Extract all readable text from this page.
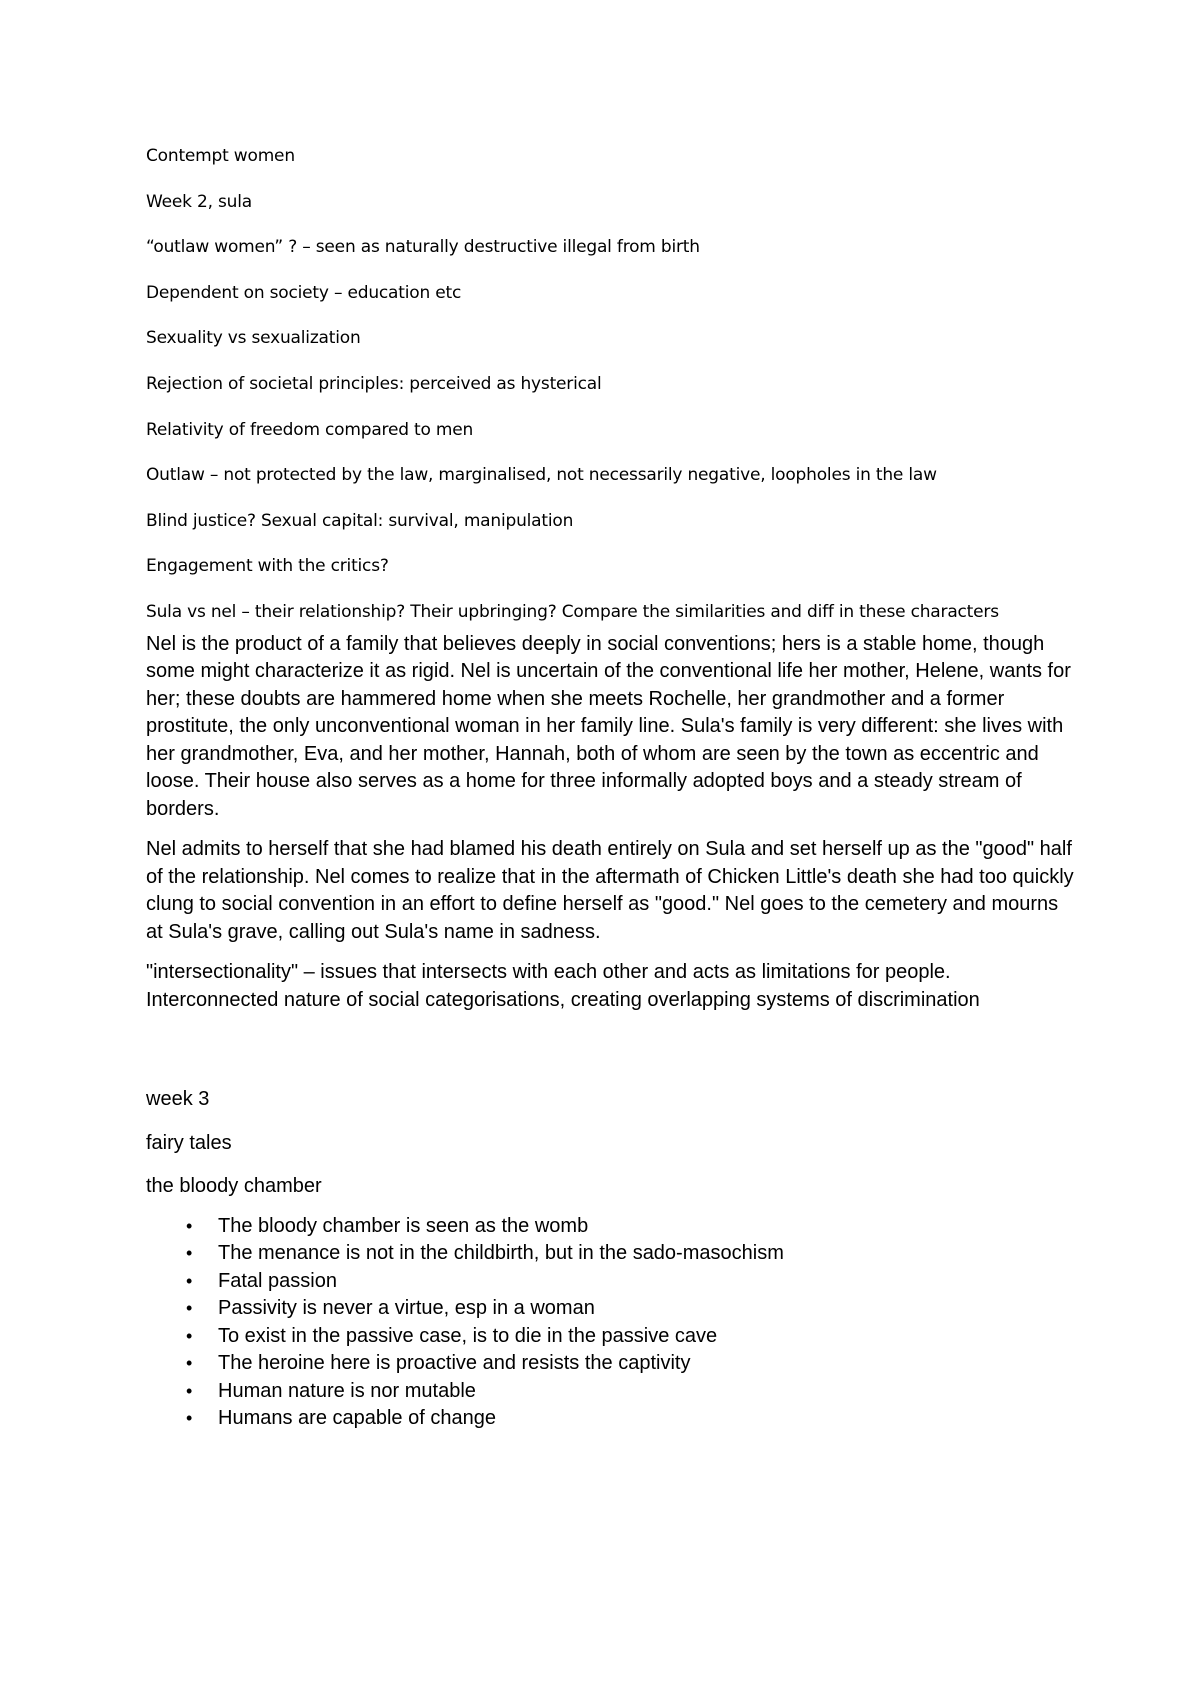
Contempt women

Week 2, sula

“outlaw women” ? – seen as naturally destructive illegal from birth

Dependent on society – education etc

Sexuality vs sexualization

Rejection of societal principles: perceived as hysterical

Relativity of freedom compared to men

Outlaw – not protected by the law, marginalised, not necessarily negative, loopholes in the law

Blind justice? Sexual capital: survival, manipulation

Engagement with the critics?

Sula vs nel – their relationship? Their upbringing? Compare the similarities and diff in these characters

Nel is the product of a family that believes deeply in social conventions; hers is a stable home, though some might characterize it as rigid. Nel is uncertain of the conventional life her mother, Helene, wants for her; these doubts are hammered home when she meets Rochelle, her grandmother and a former prostitute, the only unconventional woman in her family line. Sula's family is very different: she lives with her grandmother, Eva, and her mother, Hannah, both of whom are seen by the town as eccentric and loose. Their house also serves as a home for three informally adopted boys and a steady stream of borders.

Nel admits to herself that she had blamed his death entirely on Sula and set herself up as the "good" half of the relationship. Nel comes to realize that in the aftermath of Chicken Little's death she had too quickly clung to social convention in an effort to define herself as "good." Nel goes to the cemetery and mourns at Sula's grave, calling out Sula's name in sadness.

"intersectionality" – issues that intersects with each other and acts as limitations for people. Interconnected nature of social categorisations, creating overlapping systems of discrimination

week 3

fairy tales

the bloody chamber

• The bloody chamber is seen as the womb
• The menance is not in the childbirth, but in the sado-masochism
• Fatal passion
• Passivity is never a virtue, esp in a woman
• To exist in the passive case, is to die in the passive cave
• The heroine here is proactive and resists the captivity
• Human nature is nor mutable
• Humans are capable of change
